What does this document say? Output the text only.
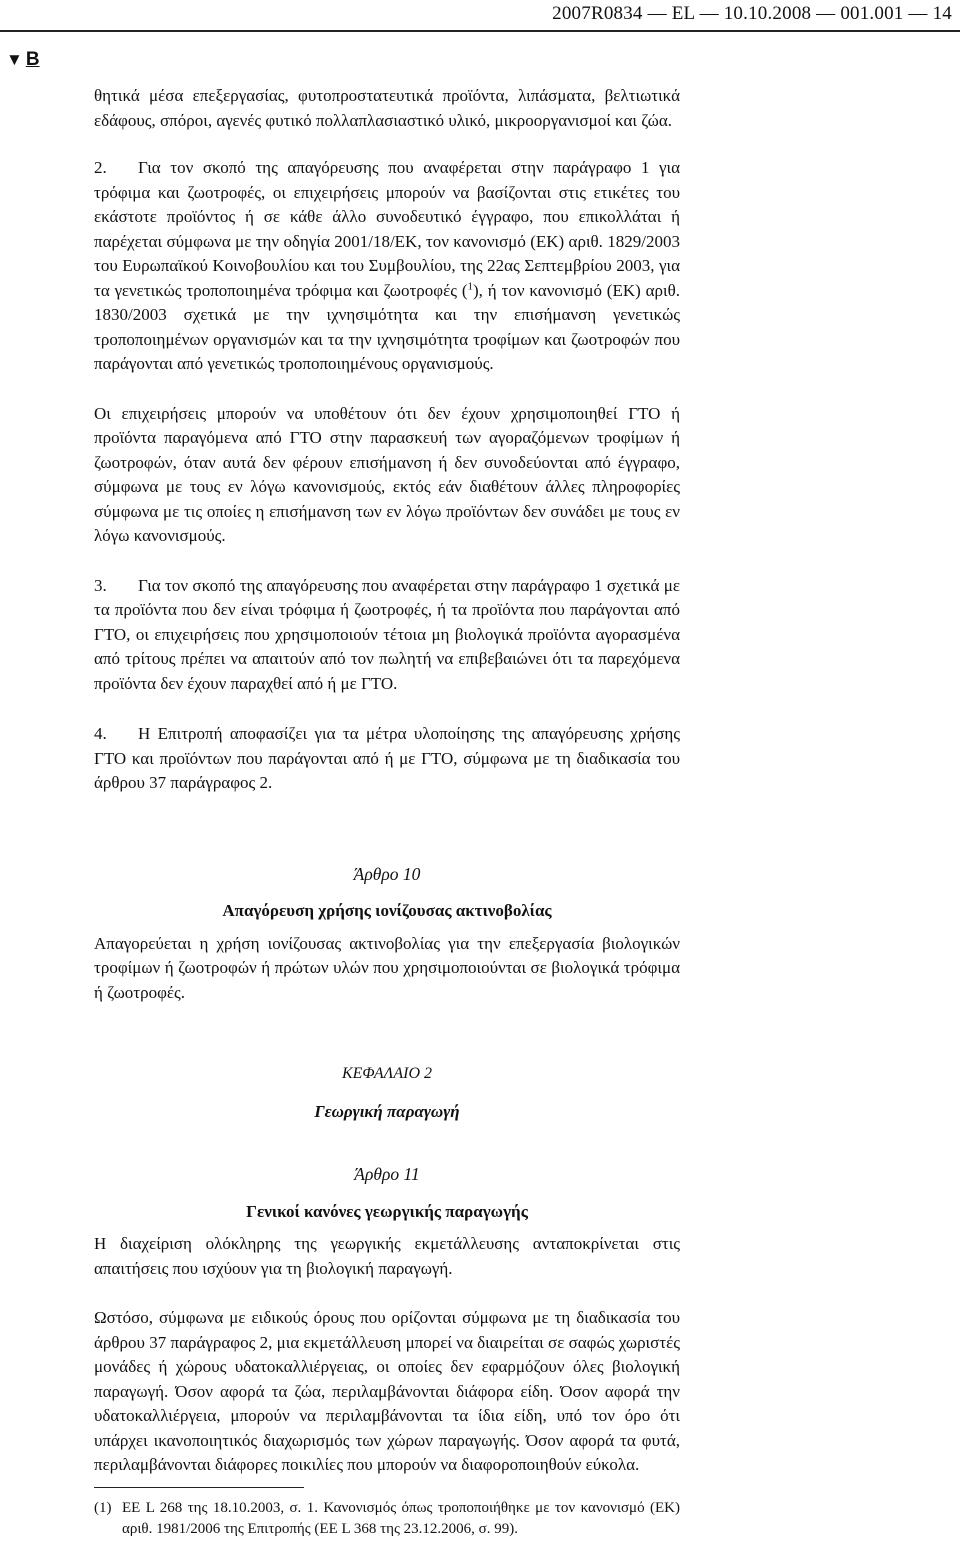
2007R0834 — EL — 10.10.2008 — 001.001 — 14
▼ B

θητικά μέσα επεξεργασίας, φυτοπροστατευτικά προϊόντα, λιπάσματα, βελτιωτικά εδάφους, σπόροι, αγενές φυτικό πολλαπλασιαστικό υλικό, μικροοργανισμοί και ζώα.

2. Για τον σκοπό της απαγόρευσης που αναφέρεται στην παράγραφο 1 για τρόφιμα και ζωοτροφές, οι επιχειρήσεις μπορούν να βασίζονται στις ετικέτες του εκάστοτε προϊόντος ή σε κάθε άλλο συνοδευτικό έγγραφο, που επικολλάται ή παρέχεται σύμφωνα με την οδηγία 2001/18/ΕΚ, τον κανονισμό (ΕΚ) αριθ. 1829/2003 του Ευρωπαϊκού Κοινοβουλίου και του Συμβουλίου, της 22ας Σεπτεμβρίου 2003, για τα γενετικώς τροποποιημένα τρόφιμα και ζωοτροφές ($^1$), ή τον κανονισμό (ΕΚ) αριθ. 1830/2003 σχετικά με την ιχνησιμότητα και την επισήμανση γενετικώς τροποποιημένων οργανισμών και τα την ιχνησιμότητα τροφίμων και ζωοτροφών που παράγονται από γενετικώς τροποποιημένους οργανισμούς.

Οι επιχειρήσεις μπορούν να υποθέτουν ότι δεν έχουν χρησιμοποιηθεί ΓΤΟ ή προϊόντα παραγόμενα από ΓΤΟ στην παρασκευή των αγοραζόμενων τροφίμων ή ζωοτροφών, όταν αυτά δεν φέρουν επισήμανση ή δεν συνοδεύονται από έγγραφο, σύμφωνα με τους εν λόγω κανονισμούς, εκτός εάν διαθέτουν άλλες πληροφορίες σύμφωνα με τις οποίες η επισήμανση των εν λόγω προϊόντων δεν συνάδει με τους εν λόγω κανονισμούς.

3. Για τον σκοπό της απαγόρευσης που αναφέρεται στην παράγραφο 1 σχετικά με τα προϊόντα που δεν είναι τρόφιμα ή ζωοτροφές, ή τα προϊόντα που παράγονται από ΓΤΟ, οι επιχειρήσεις που χρησιμοποιούν τέτοια μη βιολογικά προϊόντα αγορασμένα από τρίτους πρέπει να απαιτούν από τον πωλητή να επιβεβαιώνει ότι τα παρεχόμενα προϊόντα δεν έχουν παραχθεί από ή με ΓΤΟ.

4. Η Επιτροπή αποφασίζει για τα μέτρα υλοποίησης της απαγόρευσης χρήσης ΓΤΟ και προϊόντων που παράγονται από ή με ΓΤΟ, σύμφωνα με τη διαδικασία του άρθρου 37 παράγραφος 2.

Άρθρο 10
Απαγόρευση χρήσης ιονίζουσας ακτινοβολίας

Απαγορεύεται η χρήση ιονίζουσας ακτινοβολίας για την επεξεργασία βιολογικών τροφίμων ή ζωοτροφών ή πρώτων υλών που χρησιμοποιούνται σε βιολογικά τρόφιμα ή ζωοτροφές.

ΚΕΦΑΛΑΙΟ 2
Γεωργική παραγωγή
Άρθρο 11
Γενικοί κανόνες γεωργικής παραγωγής

Η διαχείριση ολόκληρης της γεωργικής εκμετάλλευσης ανταποκρίνεται στις απαιτήσεις που ισχύουν για τη βιολογική παραγωγή.

Ωστόσο, σύμφωνα με ειδικούς όρους που ορίζονται σύμφωνα με τη διαδικασία του άρθρου 37 παράγραφος 2, μια εκμετάλλευση μπορεί να διαιρείται σε σαφώς χωριστές μονάδες ή χώρους υδατοκαλλιέργειας, οι οποίες δεν εφαρμόζουν όλες βιολογική παραγωγή. Όσον αφορά τα ζώα, περιλαμβάνονται διάφορα είδη. Όσον αφορά την υδατοκαλλιέργεια, μπορούν να περιλαμβάνονται τα ίδια είδη, υπό τον όρο ότι υπάρχει ικανοποιητικός διαχωρισμός των χώρων παραγωγής. Όσον αφορά τα φυτά, περιλαμβάνονται διάφορες ποικιλίες που μπορούν να διαφοροποιηθούν εύκολα.

(1) ΕΕ L 268 της 18.10.2003, σ. 1. Κανονισμός όπως τροποποιήθηκε με τον κανονισμό (ΕΚ) αριθ. 1981/2006 της Επιτροπής (ΕΕ L 368 της 23.12.2006, σ. 99).
